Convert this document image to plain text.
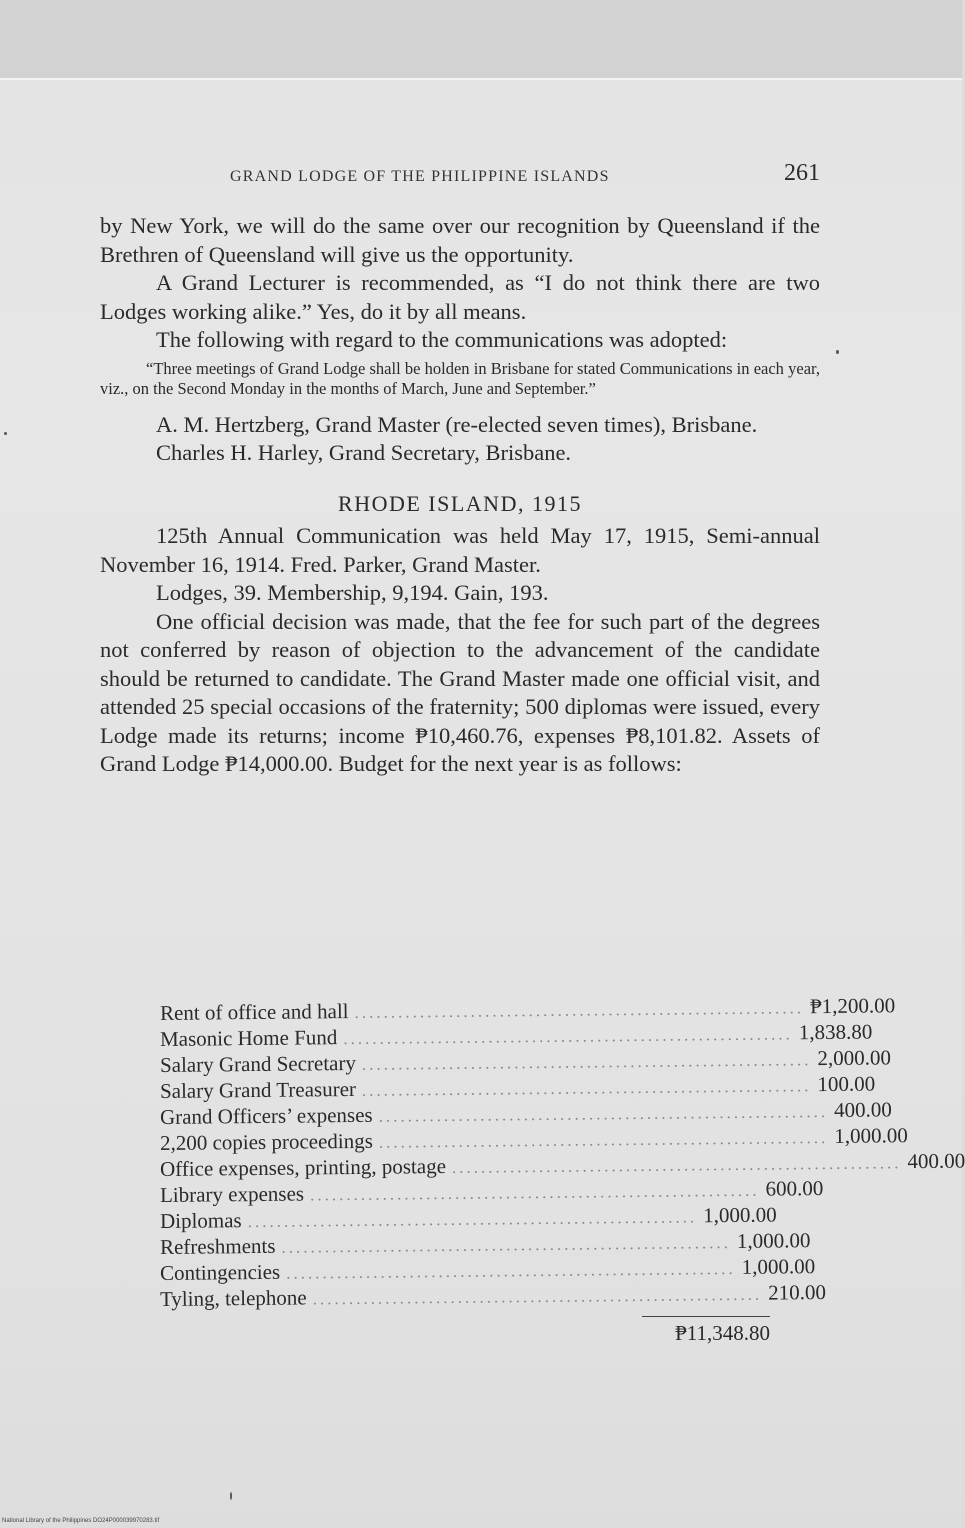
GRAND LODGE OF THE PHILIPPINE ISLANDS	261

by New York, we will do the same over our recognition by Queensland if the Brethren of Queensland will give us the opportunity.

A Grand Lecturer is recommended, as “I do not think there are two Lodges working alike.” Yes, do it by all means.

The following with regard to the communications was adopted:

“Three meetings of Grand Lodge shall be holden in Brisbane for stated Communications in each year, viz., on the Second Monday in the months of March, June and September.”

A. M. Hertzberg, Grand Master (re-elected seven times), Brisbane.

Charles H. Harley, Grand Secretary, Brisbane.

RHODE ISLAND, 1915

125th Annual Communication was held May 17, 1915, Semi-annual November 16, 1914. Fred. Parker, Grand Master.

Lodges, 39. Membership, 9,194. Gain, 193.

One official decision was made, that the fee for such part of the degrees not conferred by reason of objection to the advancement of the candidate should be returned to candidate. The Grand Master made one official visit, and attended 25 special occasions of the fraternity; 500 diplomas were issued, every Lodge made its returns; income ₱10,460.76, expenses ₱8,101.82. Assets of Grand Lodge ₱14,000.00. Budget for the next year is as follows:

Rent of office and hall .............................................................. ₱1,200.00
Masonic Home Fund .............................................................. 1,838.80
Salary Grand Secretary .............................................................. 2,000.00
Salary Grand Treasurer .............................................................. 100.00
Grand Officers’ expenses .............................................................. 400.00
2,200 copies proceedings .............................................................. 1,000.00
Office expenses, printing, postage .............................................................. 400.00
Library expenses .............................................................. 600.00
Diplomas .............................................................. 1,000.00
Refreshments .............................................................. 1,000.00
Contingencies .............................................................. 1,000.00
Tyling, telephone .............................................................. 210.00
₱11,348.80
National Library of the Philippines DO24P000039970283.tif
